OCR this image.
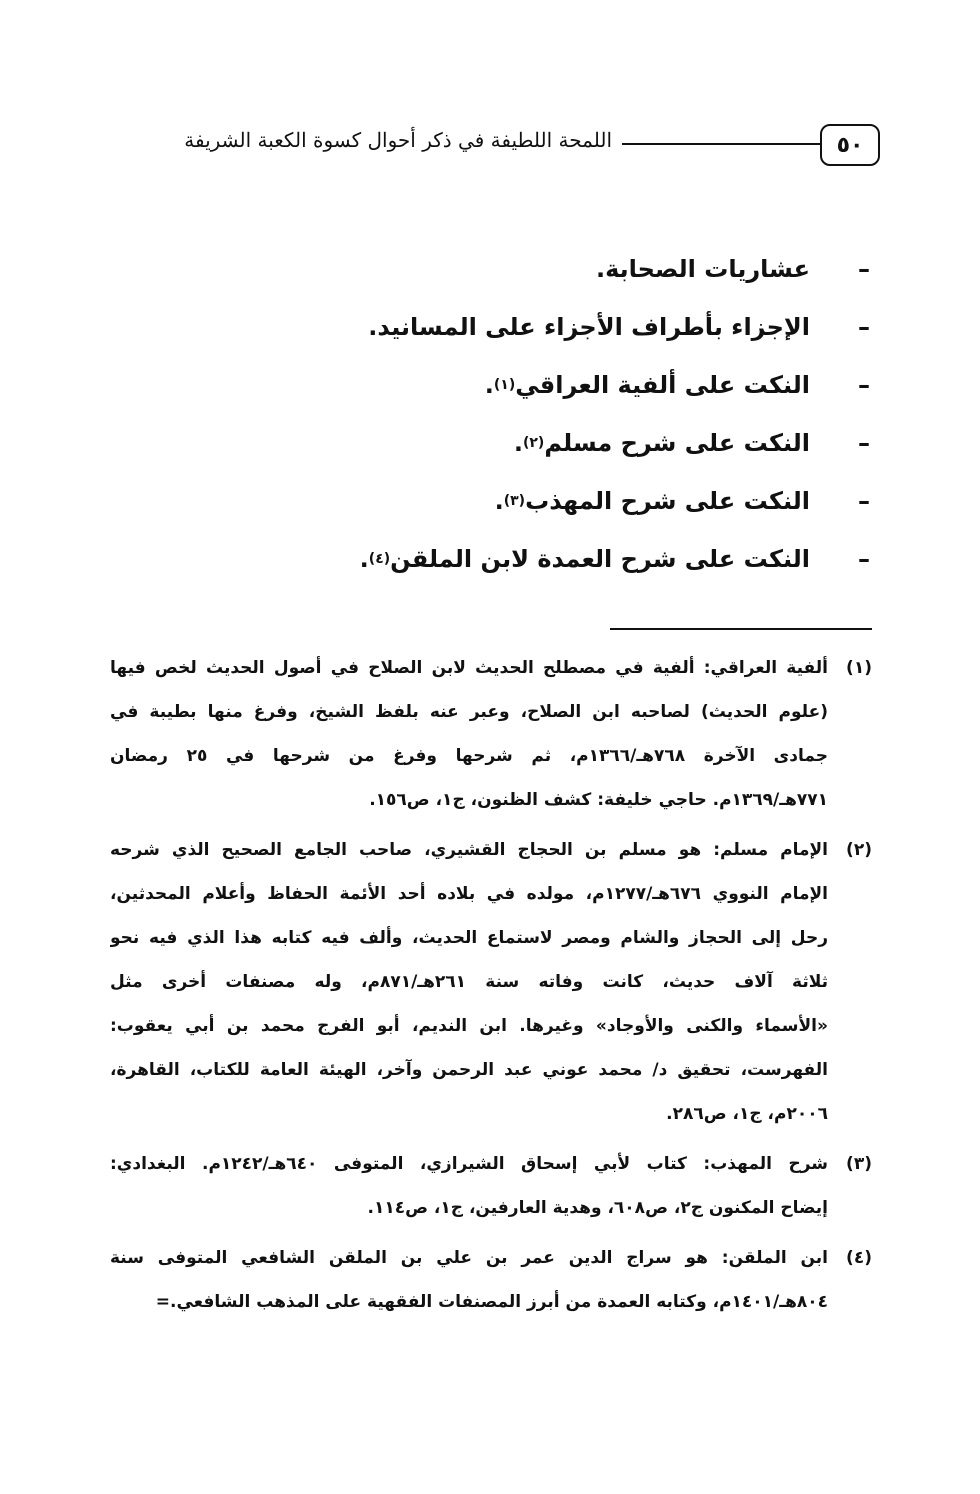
٥٠
اللمحة اللطيفة في ذكر أحوال كسوة الكعبة الشريفة
–
عشاريات الصحابة.
–
الإجزاء بأطراف الأجزاء على المسانيد.
–
النكت على ألفية العراقي
(١)
.
–
النكت على شرح مسلم
(٢)
.
–
النكت على شرح المهذب
(٣)
.
–
النكت على شرح العمدة لابن الملقن
(٤)
.
(١)
ألفية العراقي: ألفية في مصطلح الحديث لابن الصلاح في أصول الحديث لخص فيها
(علوم الحديث) لصاحبه ابن الصلاح، وعبر عنه بلفظ الشيخ، وفرغ منها بطيبة في
جمادى الآخرة ٧٦٨هـ/١٣٦٦م، ثم شرحها وفرغ من شرحها في ٢٥ رمضان
٧٧١هـ/١٣٦٩م. حاجي خليفة: كشف الظنون، ج١، ص١٥٦.
(٢)
الإمام مسلم: هو مسلم بن الحجاج القشيري، صاحب الجامع الصحيح الذي شرحه
الإمام النووي ٦٧٦هـ/١٢٧٧م، مولده في بلاده أحد الأئمة الحفاظ وأعلام المحدثين،
رحل إلى الحجاز والشام ومصر لاستماع الحديث، وألف فيه كتابه هذا الذي فيه نحو
ثلاثة آلاف حديث، كانت وفاته سنة ٢٦١هـ/٨٧١م، وله مصنفات أخرى مثل
«الأسماء والكنى والأوجاد» وغيرها. ابن النديم، أبو الفرج محمد بن أبي يعقوب:
الفهرست، تحقيق د/ محمد عوني عبد الرحمن وآخر، الهيئة العامة للكتاب، القاهرة،
٢٠٠٦م، ج١، ص٢٨٦.
(٣)
شرح المهذب: كتاب لأبي إسحاق الشيرازي، المتوفى ٦٤٠هـ/١٢٤٢م. البغدادي:
إيضاح المكنون ج٢، ص٦٠٨، وهدية العارفين، ج١، ص١١٤.
(٤)
ابن الملقن: هو سراج الدين عمر بن علي بن الملقن الشافعي المتوفى سنة
٨٠٤هـ/١٤٠١م، وكتابه العمدة من أبرز المصنفات الفقهية على المذهب الشافعي.=
